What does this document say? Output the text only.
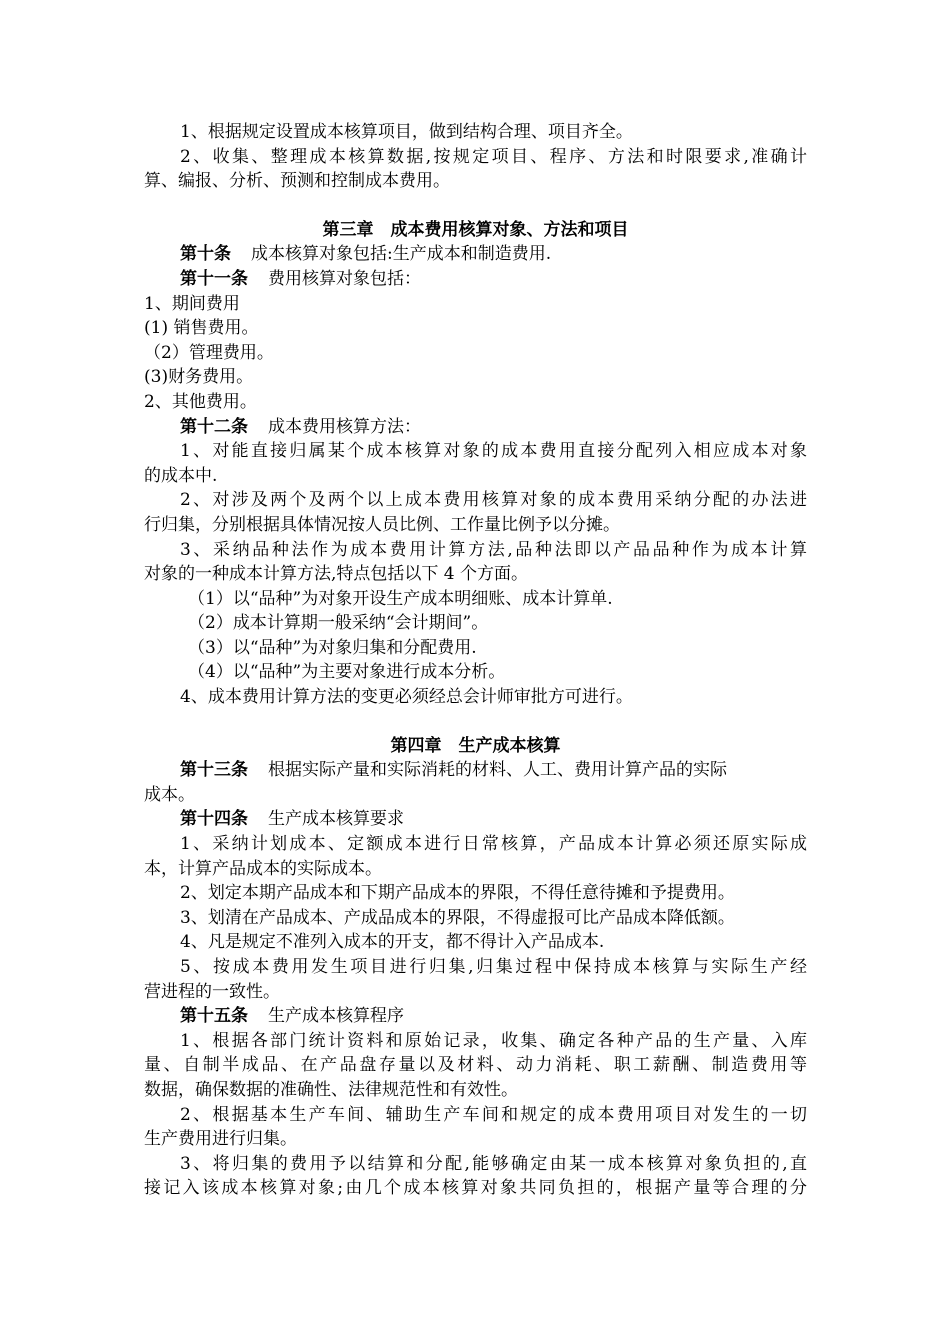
1、根据规定设置成本核算项目，做到结构合理、项目齐全。

2、收集、整理成本核算数据,按规定项目、程序、方法和时限要求,准确计

算、编报、分析、预测和控制成本费用。

第三章　成本费用核算对象、方法和项目

第十条 成本核算对象包括:生产成本和制造费用.

第十一条 费用核算对象包括：

1、期间费用

(1) 销售费用。

（2）管理费用。

(3)财务费用。

2、其他费用。

第十二条 成本费用核算方法：

1、对能直接归属某个成本核算对象的成本费用直接分配列入相应成本对象

的成本中.

2、对涉及两个及两个以上成本费用核算对象的成本费用采纳分配的办法进

行归集，分别根据具体情况按人员比例、工作量比例予以分摊。

3、采纳品种法作为成本费用计算方法,品种法即以产品品种作为成本计算

对象的一种成本计算方法,特点包括以下 4 个方面。

（1）以“品种”为对象开设生产成本明细账、成本计算单.

（2）成本计算期一般采纳“会计期间”。

（3）以“品种”为对象归集和分配费用.

（4）以“品种”为主要对象进行成本分析。

4、成本费用计算方法的变更必须经总会计师审批方可进行。

第四章　生产成本核算

第十三条 根据实际产量和实际消耗的材料、人工、费用计算产品的实际

成本。

第十四条 生产成本核算要求

1、采纳计划成本、定额成本进行日常核算，产品成本计算必须还原实际成

本，计算产品成本的实际成本。

2、划定本期产品成本和下期产品成本的界限，不得任意待摊和予提费用。

3、划清在产品成本、产成品成本的界限，不得虚报可比产品成本降低额。

4、凡是规定不准列入成本的开支，都不得计入产品成本.

5、按成本费用发生项目进行归集,归集过程中保持成本核算与实际生产经

营进程的一致性。

第十五条 生产成本核算程序

1、根据各部门统计资料和原始记录，收集、确定各种产品的生产量、入库

量、自制半成品、在产品盘存量以及材料、动力消耗、职工薪酬、制造费用等

数据，确保数据的准确性、法律规范性和有效性。

2、根据基本生产车间、辅助生产车间和规定的成本费用项目对发生的一切

生产费用进行归集。

3、将归集的费用予以结算和分配,能够确定由某一成本核算对象负担的,直

接记入该成本核算对象;由几个成本核算对象共同负担的，根据产量等合理的分
